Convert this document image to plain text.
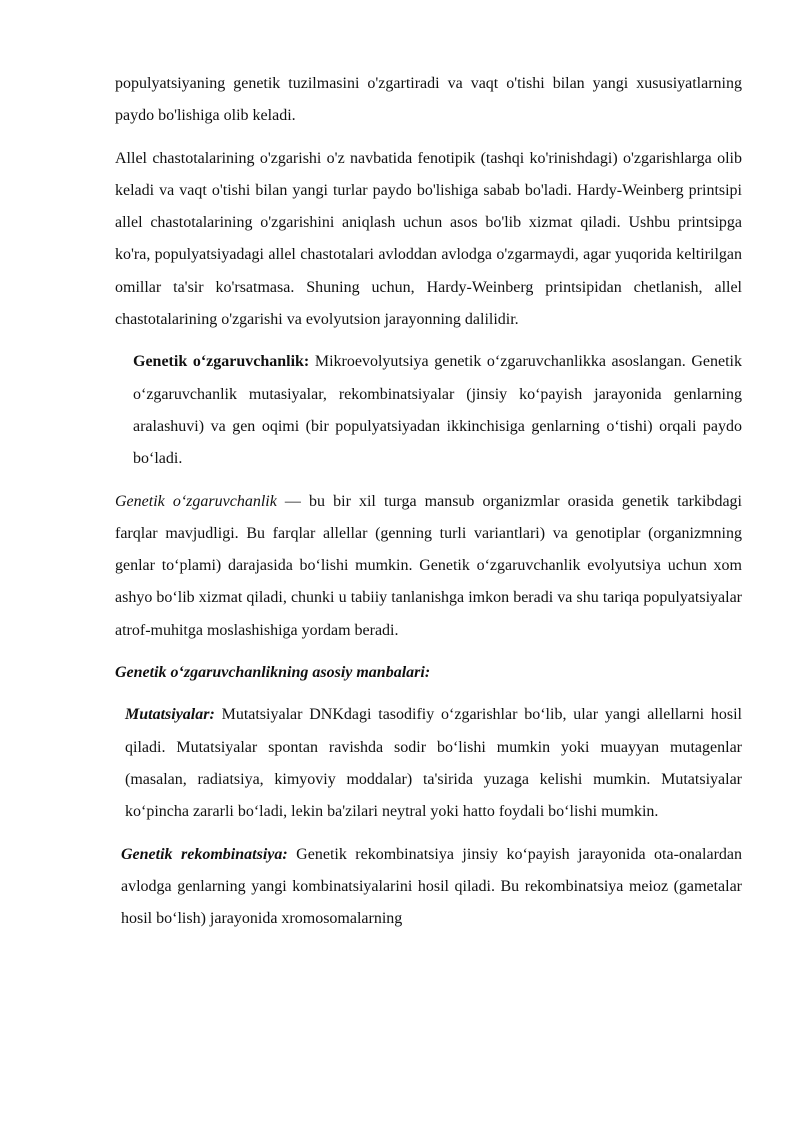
populyatsiyaning genetik tuzilmasini o'zgartiradi va vaqt o'tishi bilan yangi xususiyatlarning paydo bo'lishiga olib keladi.

Allel chastotalarining o'zgarishi o'z navbatida fenotipik (tashqi ko'rinishdagi) o'zgarishlarga olib keladi va vaqt o'tishi bilan yangi turlar paydo bo'lishiga sabab bo'ladi. Hardy-Weinberg printsipi allel chastotalarining o'zgarishini aniqlash uchun asos bo'lib xizmat qiladi. Ushbu printsipga ko'ra, populyatsiyadagi allel chastotalari avloddan avlodga o'zgarmaydi, agar yuqorida keltirilgan omillar ta'sir ko'rsatmasa. Shuning uchun, Hardy-Weinberg printsipidan chetlanish, allel chastotalarining o'zgarishi va evolyutsion jarayonning dalilidir.

Genetik o‘zgaruvchanlik: Mikroevolyutsiya genetik o‘zgaruvchanlikka asoslangan. Genetik o‘zgaruvchanlik mutasiyalar, rekombinatsiyalar (jinsiy ko‘payish jarayonida genlarning aralashuvi) va gen oqimi (bir populyatsiyadan ikkinchisiga genlarning o‘tishi) orqali paydo bo‘ladi.

Genetik o‘zgaruvchanlik — bu bir xil turga mansub organizmlar orasida genetik tarkibdagi farqlar mavjudligi. Bu farqlar allellar (genning turli variantlari) va genotiplar (organizmning genlar to‘plami) darajasida bo‘lishi mumkin. Genetik o‘zgaruvchanlik evolyutsiya uchun xom ashyo bo‘lib xizmat qiladi, chunki u tabiiy tanlanishga imkon beradi va shu tariqa populyatsiyalar atrof-muhitga moslashishiga yordam beradi.

Genetik o‘zgaruvchanlikning asosiy manbalari:

Mutatsiyalar: Mutatsiyalar DNKdagi tasodifiy o‘zgarishlar bo‘lib, ular yangi allellarni hosil qiladi. Mutatsiyalar spontan ravishda sodir bo‘lishi mumkin yoki muayyan mutagenlar (masalan, radiatsiya, kimyoviy moddalar) ta'sirida yuzaga kelishi mumkin. Mutatsiyalar ko‘pincha zararli bo‘ladi, lekin ba'zilari neytral yoki hatto foydali bo‘lishi mumkin.

Genetik rekombinatsiya: Genetik rekombinatsiya jinsiy ko‘payish jarayonida ota-onalardan avlodga genlarning yangi kombinatsiyalarini hosil qiladi. Bu rekombinatsiya meioz (gametalar hosil bo‘lish) jarayonida xromosomalarning
